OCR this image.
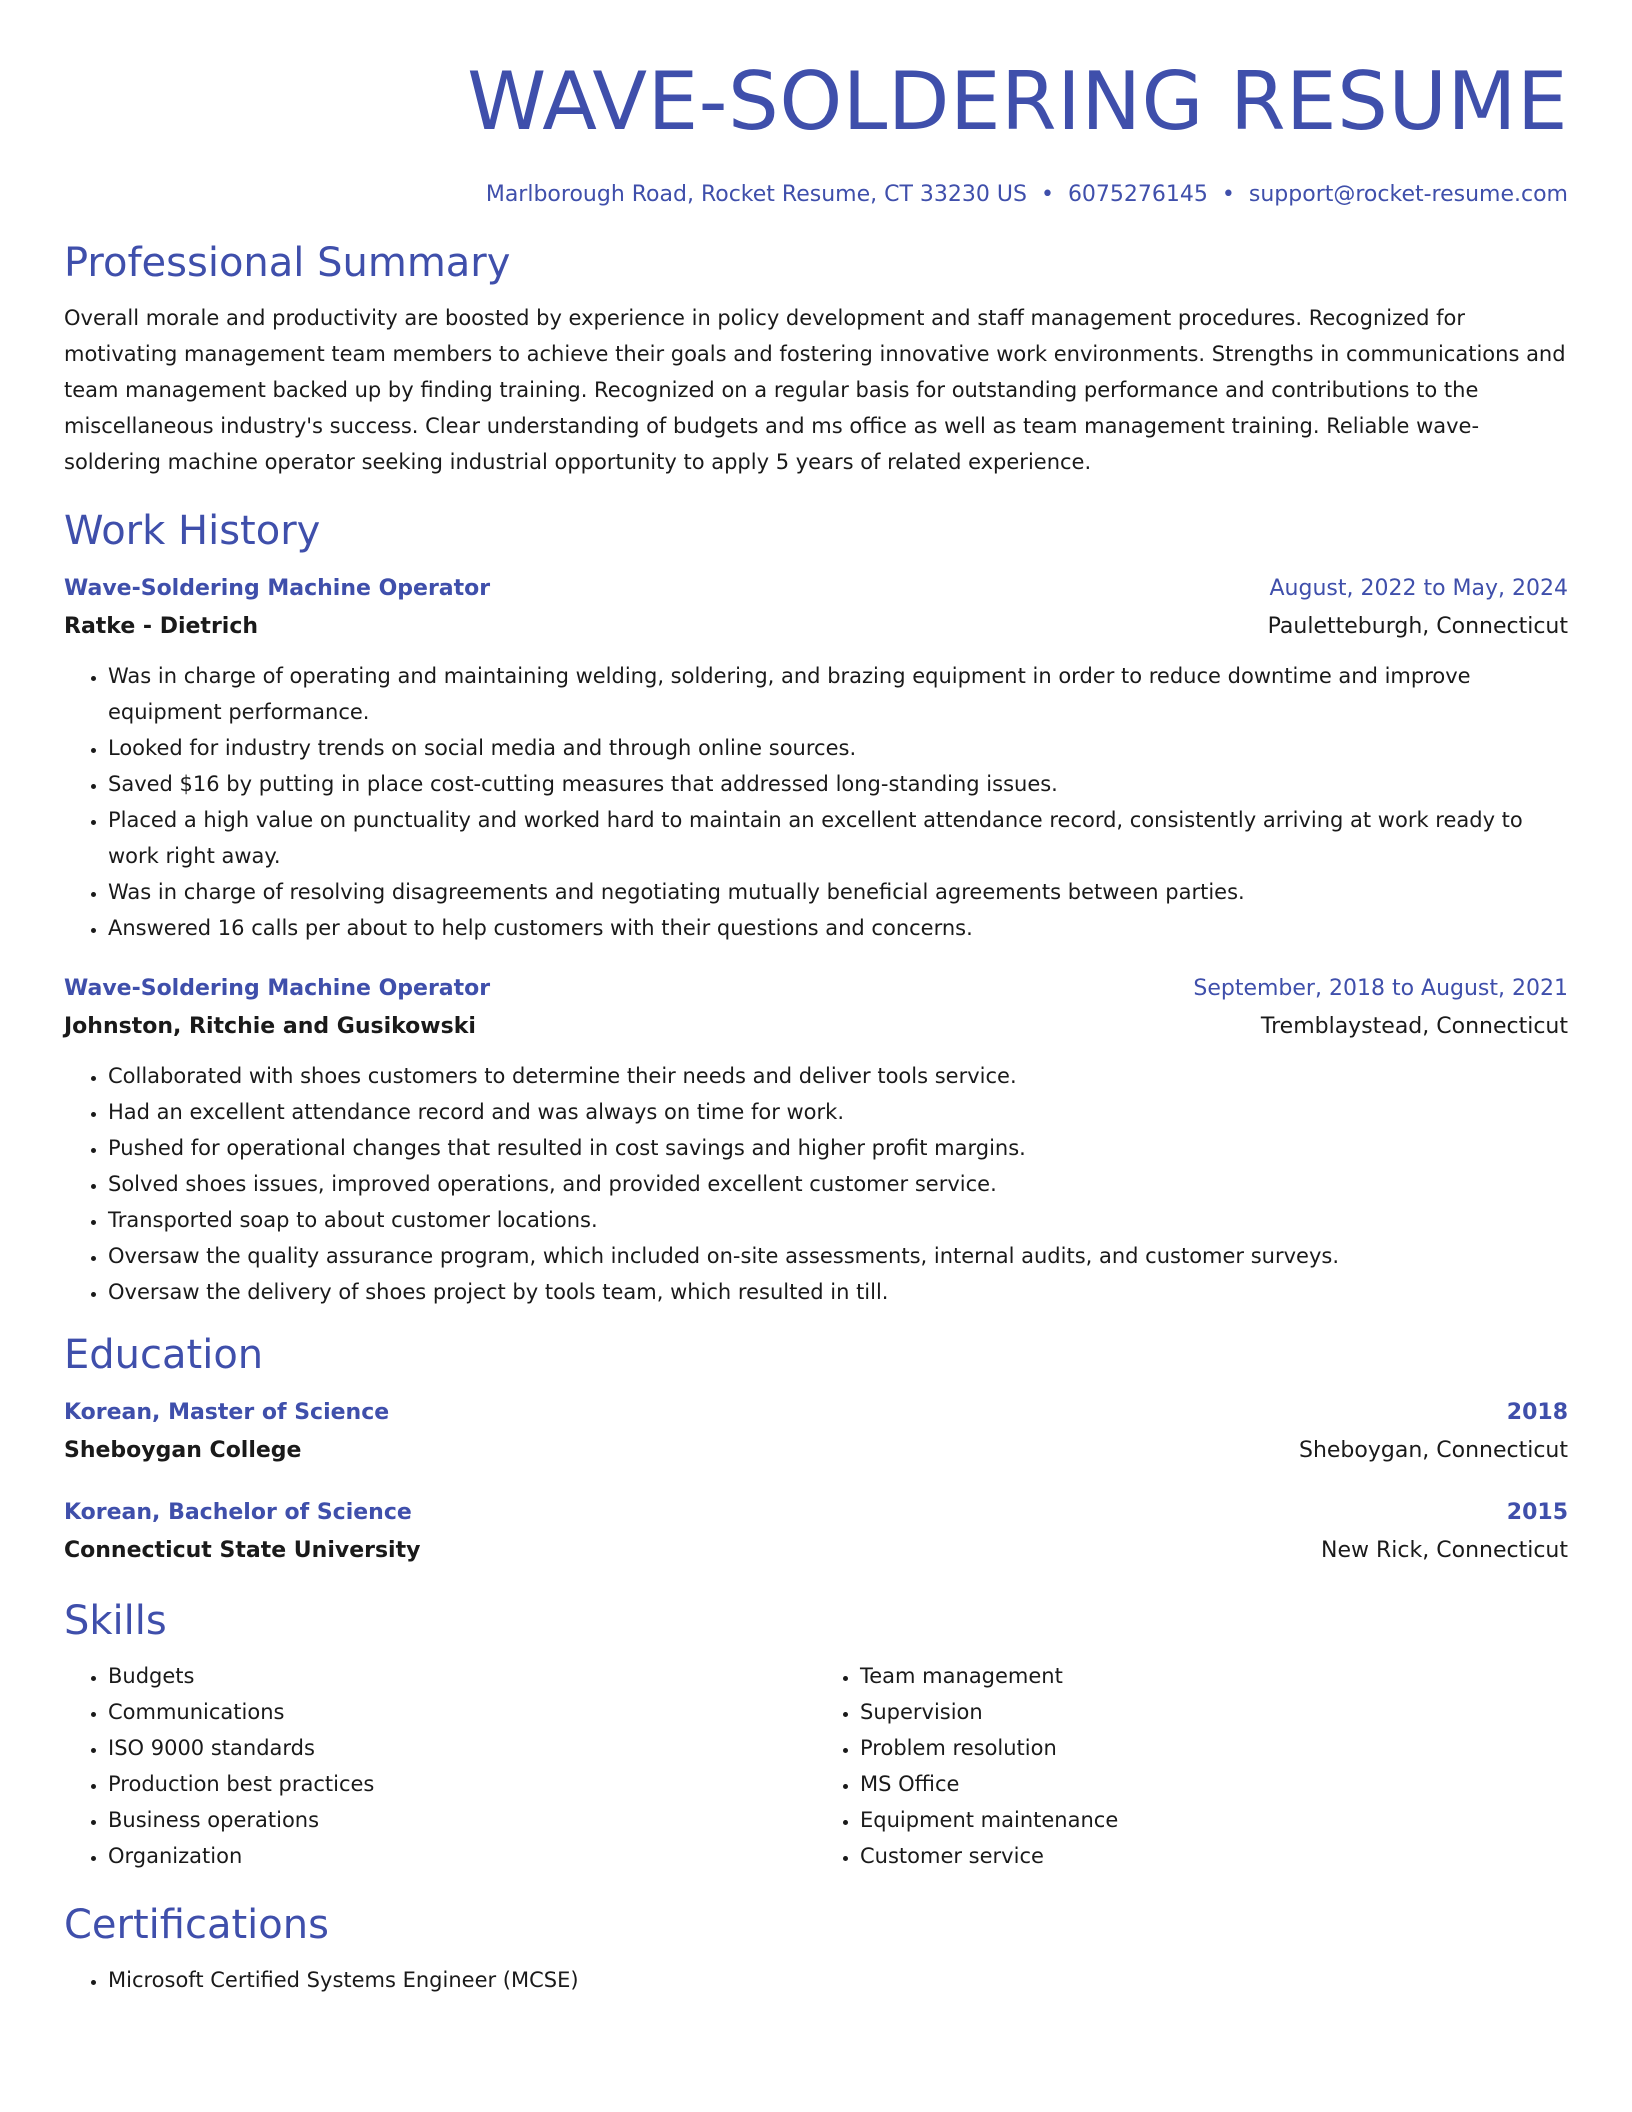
WAVE-SOLDERING RESUME
Marlborough Road, Rocket Resume, CT 33230 US • 6075276145 • support@rocket-resume.com
Professional Summary

Overall morale and productivity are boosted by experience in policy development and staff management procedures. Recognized for motivating management team members to achieve their goals and fostering innovative work environments. Strengths in communications and team management backed up by finding training. Recognized on a regular basis for outstanding performance and contributions to the miscellaneous industry's success. Clear understanding of budgets and ms office as well as team management training. Reliable wave-soldering machine operator seeking industrial opportunity to apply 5 years of related experience.

Work History
Wave-Soldering Machine Operator	August, 2022 to May, 2024
Ratke - Dietrich	Pauletteburgh, Connecticut
• Was in charge of operating and maintaining welding, soldering, and brazing equipment in order to reduce downtime and improve equipment performance.
• Looked for industry trends on social media and through online sources.
• Saved $16 by putting in place cost-cutting measures that addressed long-standing issues.
• Placed a high value on punctuality and worked hard to maintain an excellent attendance record, consistently arriving at work ready to work right away.
• Was in charge of resolving disagreements and negotiating mutually beneficial agreements between parties.
• Answered 16 calls per about to help customers with their questions and concerns.
Wave-Soldering Machine Operator	September, 2018 to August, 2021
Johnston, Ritchie and Gusikowski	Tremblaystead, Connecticut
• Collaborated with shoes customers to determine their needs and deliver tools service.
• Had an excellent attendance record and was always on time for work.
• Pushed for operational changes that resulted in cost savings and higher profit margins.
• Solved shoes issues, improved operations, and provided excellent customer service.
• Transported soap to about customer locations.
• Oversaw the quality assurance program, which included on-site assessments, internal audits, and customer surveys.
• Oversaw the delivery of shoes project by tools team, which resulted in till.
Education
Korean, Master of Science	2018
Sheboygan College	Sheboygan, Connecticut
Korean, Bachelor of Science	2015
Connecticut State University	New Rick, Connecticut
Skills
• Budgets
• Communications
• ISO 9000 standards
• Production best practices
• Business operations
• Organization
• Team management
• Supervision
• Problem resolution
• MS Office
• Equipment maintenance
• Customer service
Certifications
• Microsoft Certified Systems Engineer (MCSE)
